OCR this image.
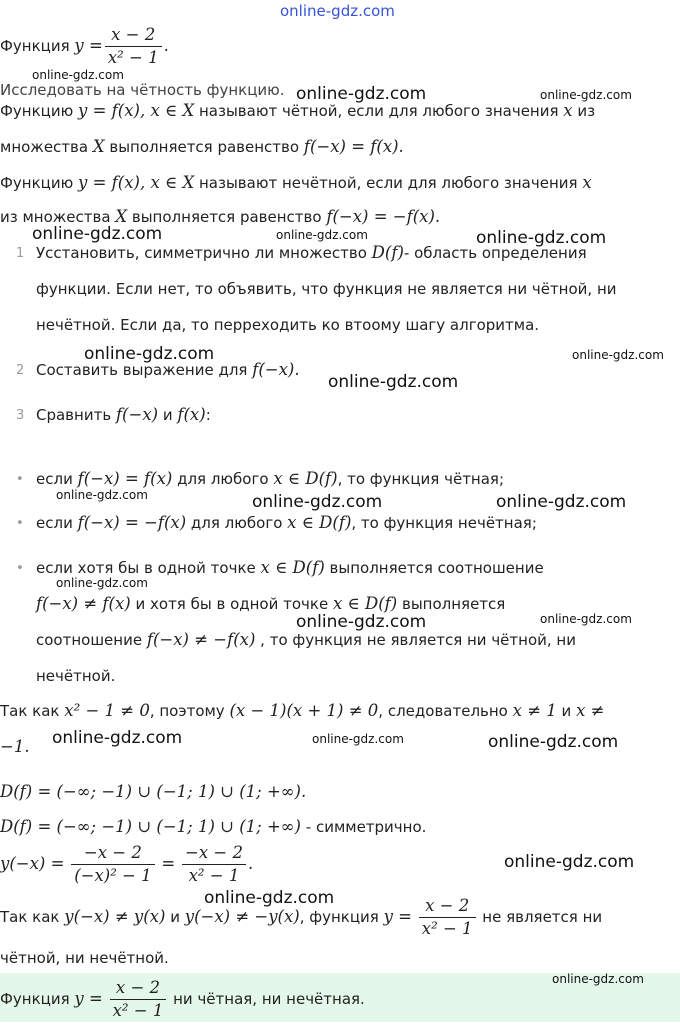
online-gdz.com
Функция $y = \frac{x - 2}{\text{x² − 1}}$ .
Исследовать на чётность функцию.
Функцию y = f(x), x ∈ X называют чётной, если для любого значения x из
множества X выполняется равенство f(−x) = f(x).
Функцию y = f(x), x ∈ X называют нечётной, если для любого значения x
из множества X выполняется равенство f(−x) = −f(x).
1 Усстановить, симметрично ли множество D(f)- область определения
функции. Если нет, то объявить, что функция не является ни чётной, ни
нечётной. Если да, то перреходить ко втоому шагу алгоритма.
2 Составить выражение для f(−x).
3 Сравнить f(−x) и f(x):
• если f(−x) = f(x) для любого x ∈ D(f), то функция чётная;
• если f(−x) = −f(x) для любого x ∈ D(f), то функция нечётная;
• если хотя бы в одной точке x ∈ D(f) выполняется соотношение
f(−x) ≠ f(x) и хотя бы в одной точке x ∈ D(f) выполняется
соотношение f(−x) ≠ −f(x) , то функция не является ни чётной, ни
нечётной.
Так как x² − 1 ≠ 0, поэтому (x − 1)(x + 1) ≠ 0, следовательно x ≠ 1 и x ≠
−1.
D(f) = (−∞; −1) ∪ (−1; 1) ∪ (1; +∞).
D(f) = (−∞; −1) ∪ (−1; 1) ∪ (1; +∞) - симметрично.
$y(-x) = \frac{-x - 2}{\text{(−x)² − 1}} = \frac{-x - 2}{\text{x² − 1}}$ .
Так как y(−x) ≠ y(x) и y(−x) ≠ −y(x), функция $y = \frac{x - 2}{\text{x² − 1}}$ не является ни
чётной, ни нечётной.
Функция $y = \frac{x - 2}{\text{x² − 1}}$ ни чётная, ни нечётная.
online-gdz.com
online-gdz.com	online-gdz.com
online-gdz.com	online-gdz.com	online-gdz.com
online-gdz.com	online-gdz.com
online-gdz.com
online-gdz.com	online-gdz.com	online-gdz.com
online-gdz.com
online-gdz.com	online-gdz.com
online-gdz.com	online-gdz.com	online-gdz.com
online-gdz.com
online-gdz.com
online-gdz.com
